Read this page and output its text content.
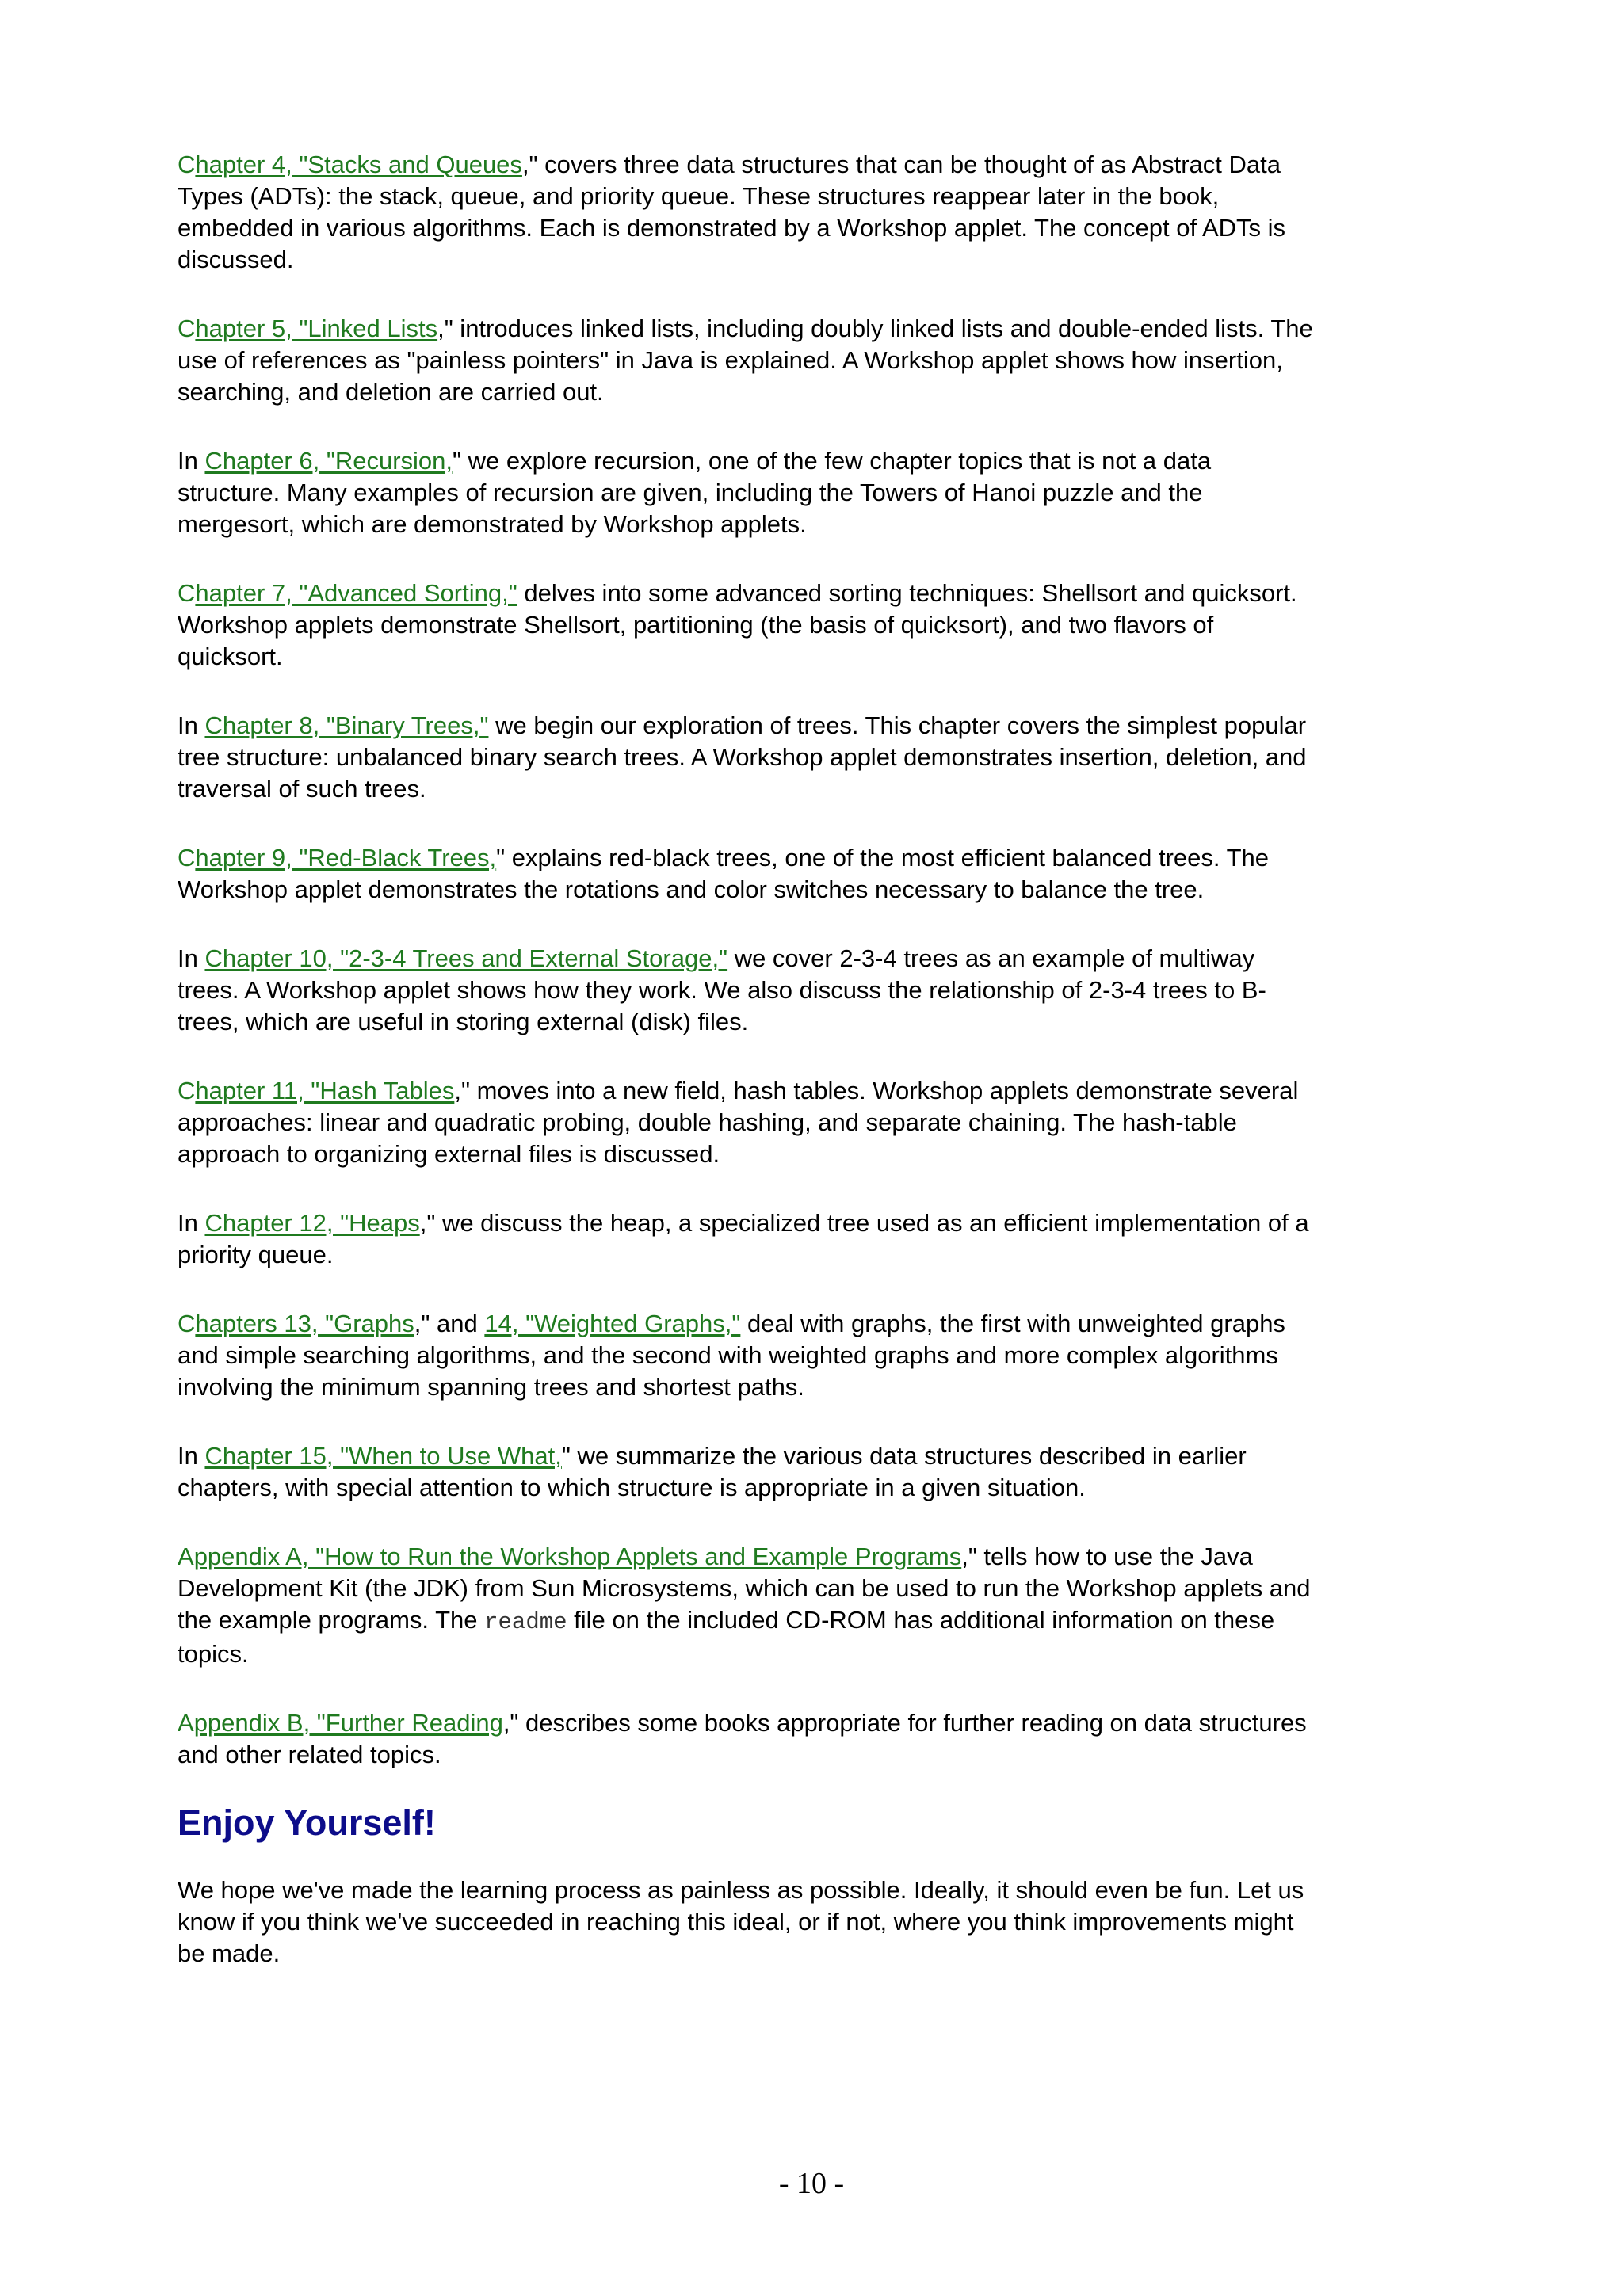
Chapter 4, "Stacks and Queues," covers three data structures that can be thought of as Abstract Data Types (ADTs): the stack, queue, and priority queue. These structures reappear later in the book, embedded in various algorithms. Each is demonstrated by a Workshop applet. The concept of ADTs is discussed.

Chapter 5, "Linked Lists," introduces linked lists, including doubly linked lists and double-ended lists. The use of references as "painless pointers" in Java is explained. A Workshop applet shows how insertion, searching, and deletion are carried out.

In Chapter 6, "Recursion," we explore recursion, one of the few chapter topics that is not a data structure. Many examples of recursion are given, including the Towers of Hanoi puzzle and the mergesort, which are demonstrated by Workshop applets.

Chapter 7, "Advanced Sorting," delves into some advanced sorting techniques: Shellsort and quicksort. Workshop applets demonstrate Shellsort, partitioning (the basis of quicksort), and two flavors of quicksort.

In Chapter 8, "Binary Trees," we begin our exploration of trees. This chapter covers the simplest popular tree structure: unbalanced binary search trees. A Workshop applet demonstrates insertion, deletion, and traversal of such trees.

Chapter 9, "Red-Black Trees," explains red-black trees, one of the most efficient balanced trees. The Workshop applet demonstrates the rotations and color switches necessary to balance the tree.

In Chapter 10, "2-3-4 Trees and External Storage," we cover 2-3-4 trees as an example of multiway trees. A Workshop applet shows how they work. We also discuss the relationship of 2-3-4 trees to B-trees, which are useful in storing external (disk) files.

Chapter 11, "Hash Tables," moves into a new field, hash tables. Workshop applets demonstrate several approaches: linear and quadratic probing, double hashing, and separate chaining. The hash-table approach to organizing external files is discussed.

In Chapter 12, "Heaps," we discuss the heap, a specialized tree used as an efficient implementation of a priority queue.

Chapters 13, "Graphs," and 14, "Weighted Graphs," deal with graphs, the first with unweighted graphs and simple searching algorithms, and the second with weighted graphs and more complex algorithms involving the minimum spanning trees and shortest paths.

In Chapter 15, "When to Use What," we summarize the various data structures described in earlier chapters, with special attention to which structure is appropriate in a given situation.

Appendix A, "How to Run the Workshop Applets and Example Programs," tells how to use the Java Development Kit (the JDK) from Sun Microsystems, which can be used to run the Workshop applets and the example programs. The readme file on the included CD-ROM has additional information on these topics.

Appendix B, "Further Reading," describes some books appropriate for further reading on data structures and other related topics.

Enjoy Yourself!

We hope we've made the learning process as painless as possible. Ideally, it should even be fun. Let us know if you think we've succeeded in reaching this ideal, or if not, where you think improvements might be made.

- 10 -
